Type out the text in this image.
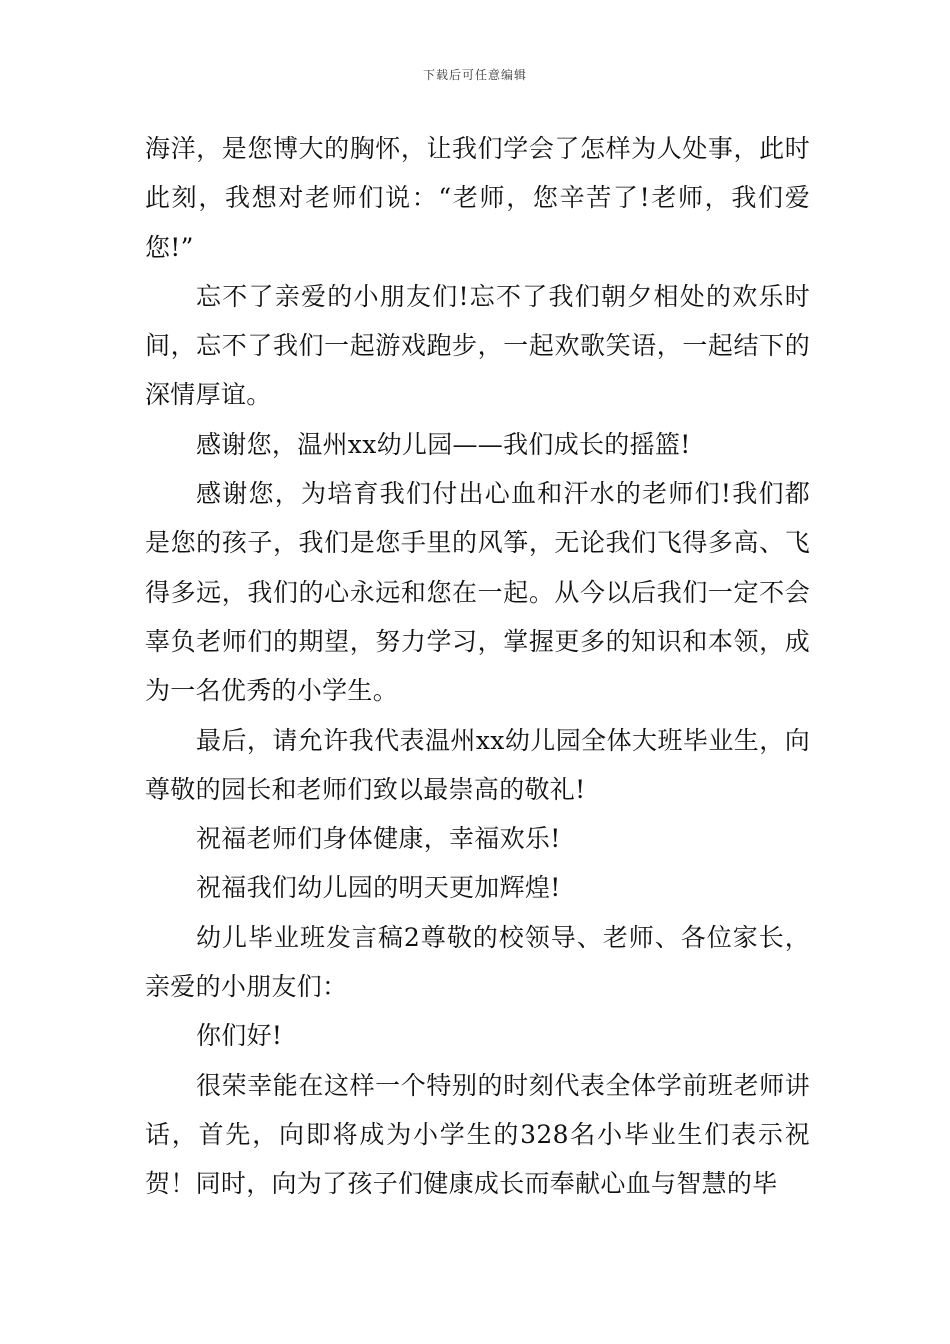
下载后可任意编辑

海洋，是您博大的胸怀，让我们学会了怎样为人处事，此时此刻，我想对老师们说：“老师，您辛苦了!老师，我们爱您!”

忘不了亲爱的小朋友们!忘不了我们朝夕相处的欢乐时间，忘不了我们一起游戏跑步，一起欢歌笑语，一起结下的深情厚谊。

感谢您，温州xx幼儿园——我们成长的摇篮!

感谢您，为培育我们付出心血和汗水的老师们!我们都是您的孩子，我们是您手里的风筝，无论我们飞得多高、飞得多远，我们的心永远和您在一起。从今以后我们一定不会辜负老师们的期望，努力学习，掌握更多的知识和本领，成为一名优秀的小学生。

最后，请允许我代表温州xx幼儿园全体大班毕业生，向尊敬的园长和老师们致以最崇高的敬礼!

祝福老师们身体健康，幸福欢乐!

祝福我们幼儿园的明天更加辉煌!

幼儿毕业班发言稿2尊敬的校领导、老师、各位家长，亲爱的小朋友们：

你们好!

很荣幸能在这样一个特别的时刻代表全体学前班老师讲话，首先，向即将成为小学生的328名小毕业生们表示祝贺！同时，向为了孩子们健康成长而奉献心血与智慧的毕
